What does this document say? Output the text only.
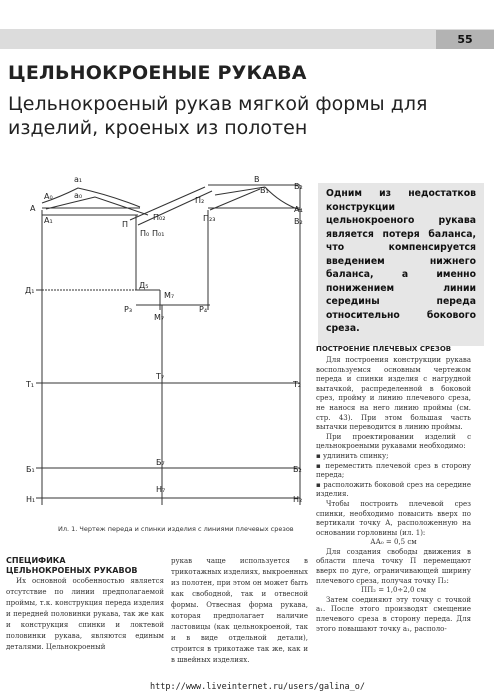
55
ЦЕЛЬНОКРОЕНЫЕ РУКАВА
Цельнокроеный рукав мягкой формы для изделий, кроеных из полотен
А₀
а₁
а₀
А
А₁	П
П₀₂
П₀ П₀₁
П₂
В
В₁
П₂₃
В₂
А₄
В₂
Д₁
Д₅
М₇
Р₃	Р₄
М₇
Т₁
Т₇
Т₂
Б₁
Б₇
Б₂
Н₁
Н₇
Н₂
Одним из недостатков конструкции цельнокроеного рукава является потеря баланса, что компенсируется введением нижнего баланса, а именно понижением линии середины переда относительно бокового среза.
ПОСТРОЕНИЕ ПЛЕЧЕВЫХ СРЕЗОВ

Для построения конструкции рукава воспользуемся основным чертежом переда и спинки изделия с нагрудной вытачкой, распределенной в боковой срез, пройму и линию плечевого среза, не нанося на него линию проймы (см. стр. 43). При этом большая часть вытачки переводится в линию проймы.

При проектировании изделий с цельнокроеными рукавами необходимо:

▪ удлинить спинку;

▪ переместить плечевой срез в сторону переда;

▪ расположить боковой срез на середине изделия.

Чтобы построить плечевой срез спинки, необходимо повысить вверх по вертикали точку А, расположенную на основании горловины (ил. 1):

АА₀ = 0,5 см

Для создания свободы движения в области плеча точку П перемещают вверх по дуге, ограничивающей ширину плечевого среза, получая точку П₂:

ПП₂ = 1,0÷2,0 см

Затем соединяют эту точку с точкой а₁. После этого производят смещение плечевого среза в сторону переда. Для этого повышают точку а₁, располо-

Ил. 1. Чертеж переда и спинки изделия с линиями плечевых срезов
СПЕЦИФИКА
ЦЕЛЬНОКРОЕНЫХ РУКАВОВ

Их основной особенностью является отсутствие по линии предполагаемой проймы, т.к. конструкция переда изделия и передней половинки рукава, так же как и конструкция спинки и локтевой половинки рукава, являются единым деталями. Цельнокроеный

рукав чаще используется в трикотажных изделиях, выкроенных из полотен, при этом он может быть как свободной, так и отвесной формы. Отвесная форма рукава, которая предполагает наличие ластовицы (как цельнокроеной, так и в виде отдельной детали), строится в трикотаже так же, как и в швейных изделиях.

http://www.liveinternet.ru/users/galina_o/
